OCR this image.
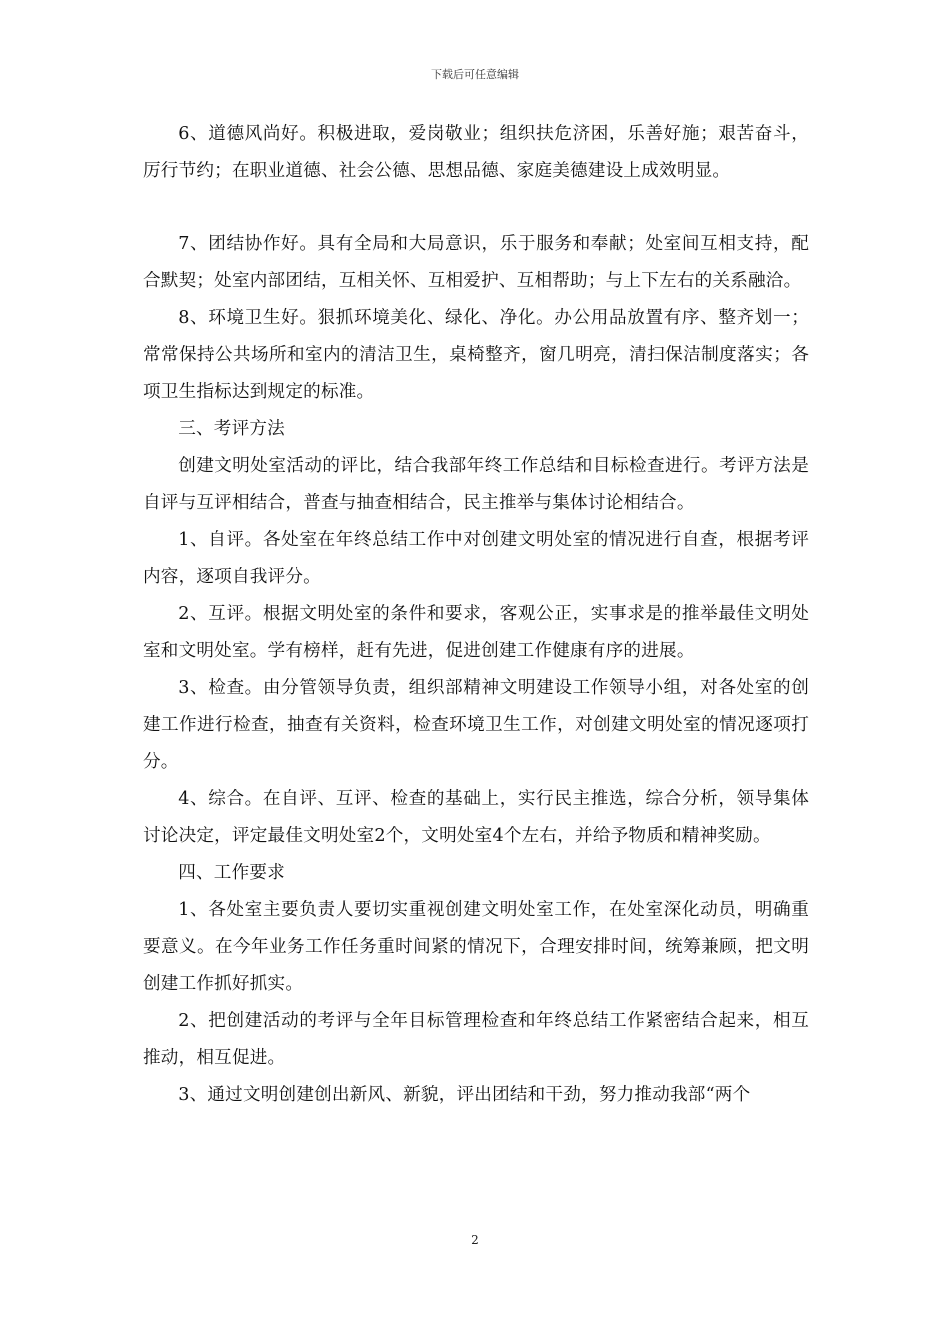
下载后可任意编辑

6、道德风尚好。积极进取，爱岗敬业；组织扶危济困，乐善好施；艰苦奋斗，厉行节约；在职业道德、社会公德、思想品德、家庭美德建设上成效明显。

7、团结协作好。具有全局和大局意识，乐于服务和奉献；处室间互相支持，配合默契；处室内部团结，互相关怀、互相爱护、互相帮助；与上下左右的关系融洽。

8、环境卫生好。狠抓环境美化、绿化、净化。办公用品放置有序、整齐划一；常常保持公共场所和室内的清洁卫生，桌椅整齐，窗几明亮，清扫保洁制度落实；各项卫生指标达到规定的标准。

三、考评方法

创建文明处室活动的评比，结合我部年终工作总结和目标检查进行。考评方法是自评与互评相结合，普查与抽查相结合，民主推举与集体讨论相结合。

1、自评。各处室在年终总结工作中对创建文明处室的情况进行自查，根据考评内容，逐项自我评分。

2、互评。根据文明处室的条件和要求，客观公正，实事求是的推举最佳文明处室和文明处室。学有榜样，赶有先进，促进创建工作健康有序的进展。

3、检查。由分管领导负责，组织部精神文明建设工作领导小组，对各处室的创建工作进行检查，抽查有关资料，检查环境卫生工作，对创建文明处室的情况逐项打分。

4、综合。在自评、互评、检查的基础上，实行民主推选，综合分析，领导集体讨论决定，评定最佳文明处室2个，文明处室4个左右，并给予物质和精神奖励。

四、工作要求

1、各处室主要负责人要切实重视创建文明处室工作，在处室深化动员，明确重要意义。在今年业务工作任务重时间紧的情况下，合理安排时间，统筹兼顾，把文明创建工作抓好抓实。

2、把创建活动的考评与全年目标管理检查和年终总结工作紧密结合起来，相互推动，相互促进。

3、通过文明创建创出新风、新貌，评出团结和干劲，努力推动我部“两个

2
